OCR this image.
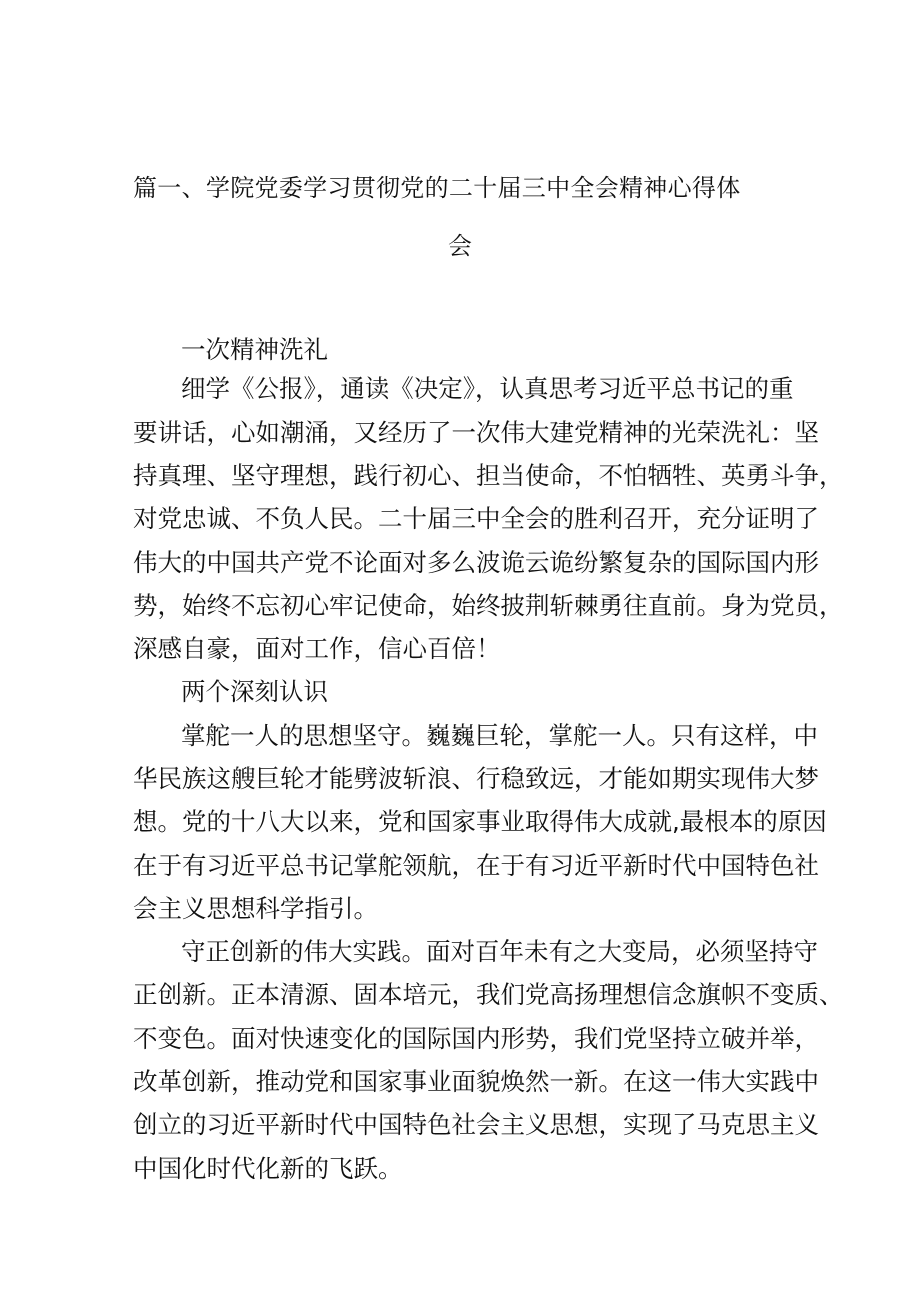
篇一、学院党委学习贯彻党的二十届三中全会精神心得体
会
一次精神洗礼
细学《公报》，通读《决定》，认真思考习近平总书记的重
要讲话，心如潮涌，又经历了一次伟大建党精神的光荣洗礼：坚
持真理、坚守理想，践行初心、担当使命，不怕牺牲、英勇斗争，
对党忠诚、不负人民。二十届三中全会的胜利召开，充分证明了
伟大的中国共产党不论面对多么波诡云诡纷繁复杂的国际国内形
势，始终不忘初心牢记使命，始终披荆斩棘勇往直前。身为党员，
深感自豪，面对工作，信心百倍！
两个深刻认识
掌舵一人的思想坚守。巍巍巨轮，掌舵一人。只有这样，中
华民族这艘巨轮才能劈波斩浪、行稳致远，才能如期实现伟大梦
想。党的十八大以来，党和国家事业取得伟大成就,最根本的原因
在于有习近平总书记掌舵领航，在于有习近平新时代中国特色社
会主义思想科学指引。
守正创新的伟大实践。面对百年未有之大变局，必须坚持守
正创新。正本清源、固本培元，我们党高扬理想信念旗帜不变质、
不变色。面对快速变化的国际国内形势，我们党坚持立破并举，
改革创新，推动党和国家事业面貌焕然一新。在这一伟大实践中
创立的习近平新时代中国特色社会主义思想，实现了马克思主义
中国化时代化新的飞跃。
